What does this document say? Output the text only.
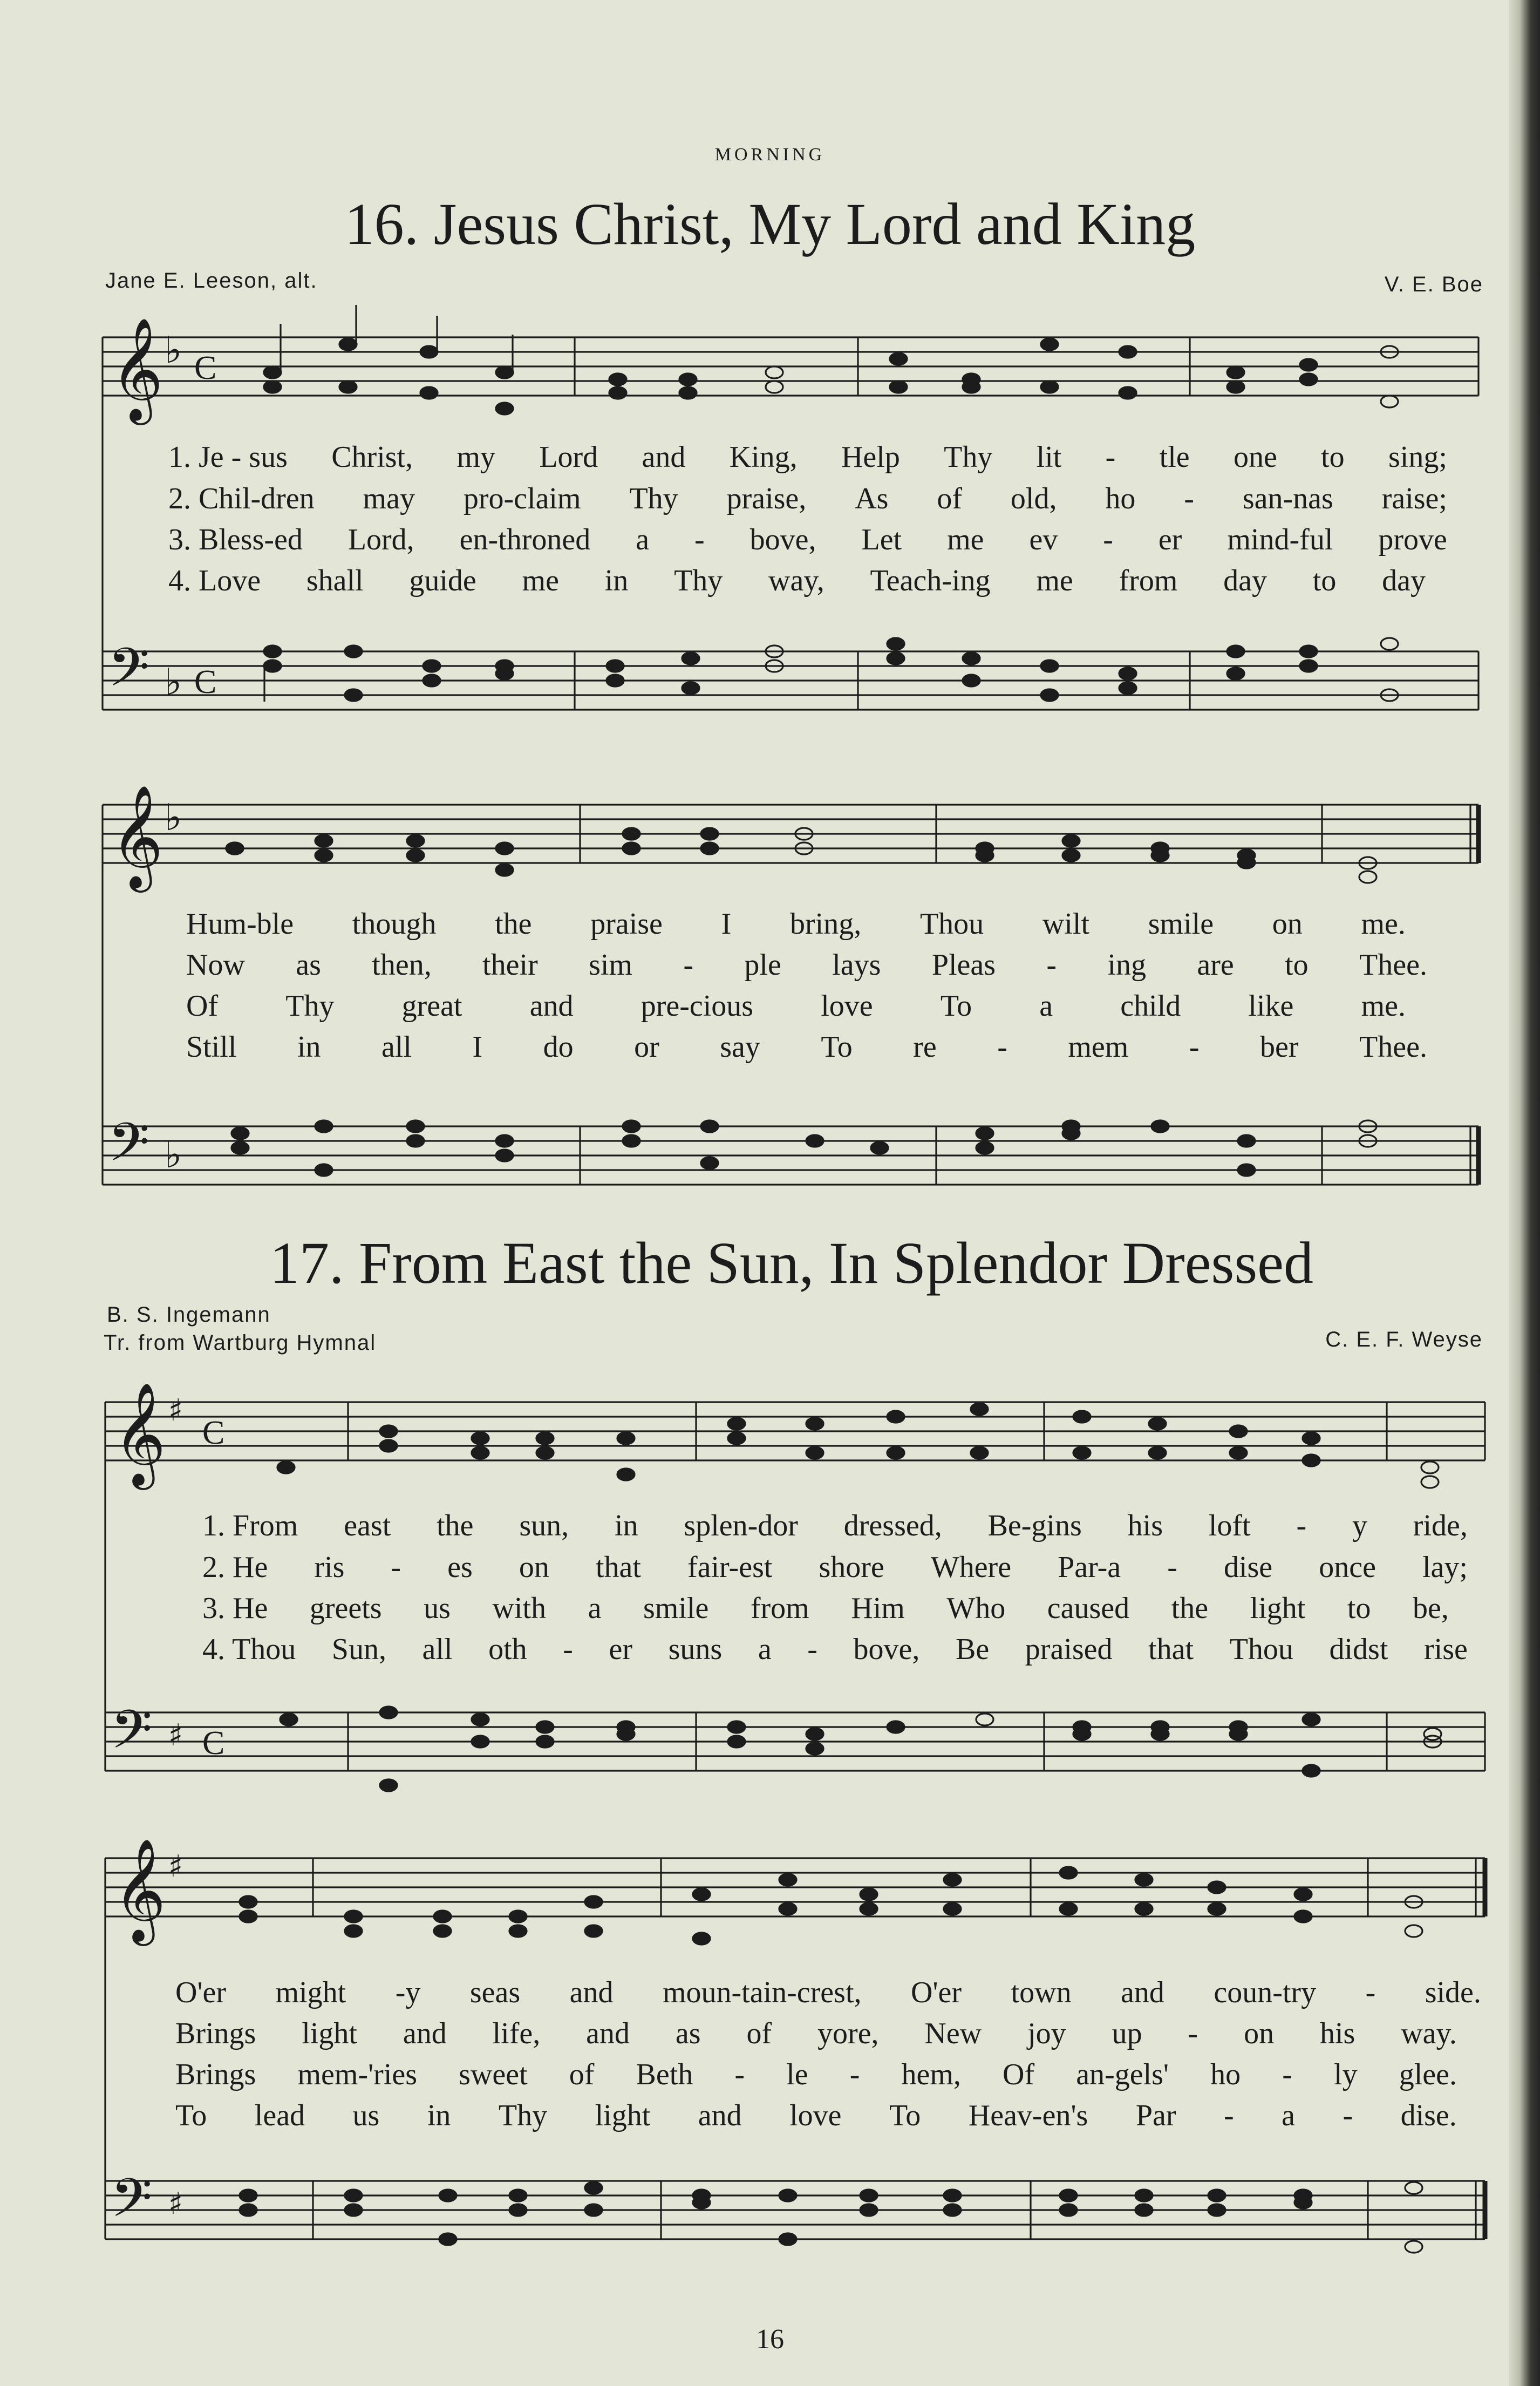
MORNING
16. Jesus Christ, My Lord and King
Jane E. Leeson, alt.	V. E. Boe
𝄞
𝄢
𝄞
𝄢
♭
♭
♭
♭
C
C
1. Je - sus Christ, my Lord and King, Help Thy lit - tle one to sing;
2. Chil-dren may pro-claim Thy praise, As of old, ho - san-nas raise;
3. Bless-ed Lord, en-throned a - bove, Let me ev - er mind-ful prove
4. Love shall guide me in Thy way, Teach-ing me from day to day
Hum-ble though the praise I bring, Thou wilt smile on me.
Now as then, their sim - ple lays Pleas - ing are to Thee.
Of Thy great and pre-cious love To a child like me.
Still in all I do or say To re - mem - ber Thee.
17. From East the Sun, In Splendor Dressed
B. S. Ingemann
Tr. from Wartburg Hymnal	C. E. F. Weyse
𝄞
𝄢
𝄞
𝄢
♯
♯
♯
♯
C
C
1. From east the sun, in splen-dor dressed, Be-gins his loft - y ride,
2. He ris - es on that fair-est shore Where Par-a - dise once lay;
3. He greets us with a smile from Him Who caused the light to be,
4. Thou Sun, all oth - er suns a - bove, Be praised that Thou didst rise
O'er might -y seas and moun-tain-crest, O'er town and coun-try - side.
Brings light and life, and as of yore, New joy up - on his way.
Brings mem-'ries sweet of Beth - le - hem, Of an-gels' ho - ly glee.
To lead us in Thy light and love To Heav-en's Par - a - dise.
16
